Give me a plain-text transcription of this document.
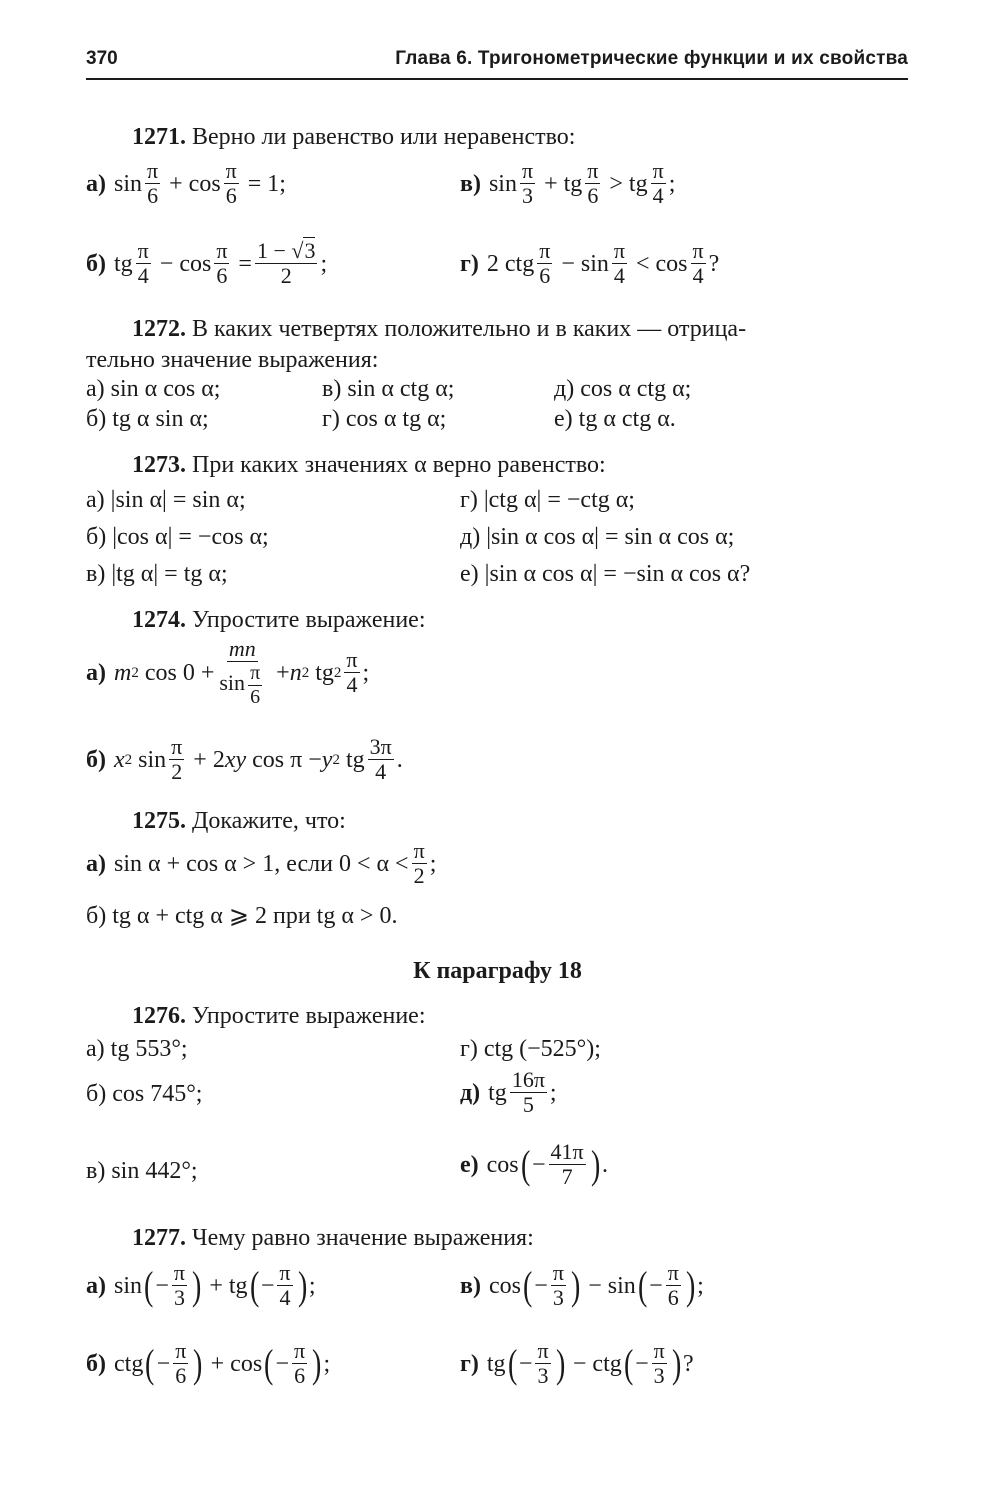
370	Глава 6. Тригонометрические функции и их свойства
1271. Верно ли равенство или неравенство:
а) sin
π
6 + cos
π
6 = 1;	в) sin
π
3 + tg
π
6 > tg
π
4 ;
б) tg
π
4 − cos
π
6 =
1 − √3
2 ;	г) 2 ctg
π
6 − sin
π
4 < cos
π
4 ?
1272. В каких четвертях положительно и в каких — отрица-
тельно значение выражения:
а) sin α cos α;	в) sin α ctg α;	д) cos α ctg α;
б) tg α sin α;	г) cos α tg α;	е) tg α ctg α.
1273. При каких значениях α верно равенство:
а) |sin α| = sin α;	г) |ctg α| = −ctg α;
б) |cos α| = −cos α;	д) |sin α cos α| = sin α cos α;
в) |tg α| = tg α;	е) |sin α cos α| = −sin α cos α?
1274. Упростите выражение:
а) m 2 cos 0 +
mn
$\sin \frac{\pi}{6} + n$ 2 tg 2
π
4 ;
б) x 2 sin
π
2 + 2 xy cos π − y 2 tg
3π
4 .
1275. Докажите, что:
а) sin α + cos α > 1, если 0 < α <
π
2 ;
б) tg α + ctg α ⩾ 2 при tg α > 0.
К параграфу 18
1276. Упростите выражение:
а) tg 553°;	г) ctg (−525°);
б) cos 745°;	д) tg
16π
5 ;
в) sin 442°;	е) cos ( −
41π
7 ) .
1277. Чему равно значение выражения:
а) sin ( −
π
3 ) + tg ( −
π
4 ) ;	в) cos ( −
π
3 ) − sin ( −
π
6 ) ;
б) ctg ( −
π
6 ) + cos ( −
π
6 ) ;	г) tg ( −
π
3 ) − ctg ( −
π
3 ) ?
